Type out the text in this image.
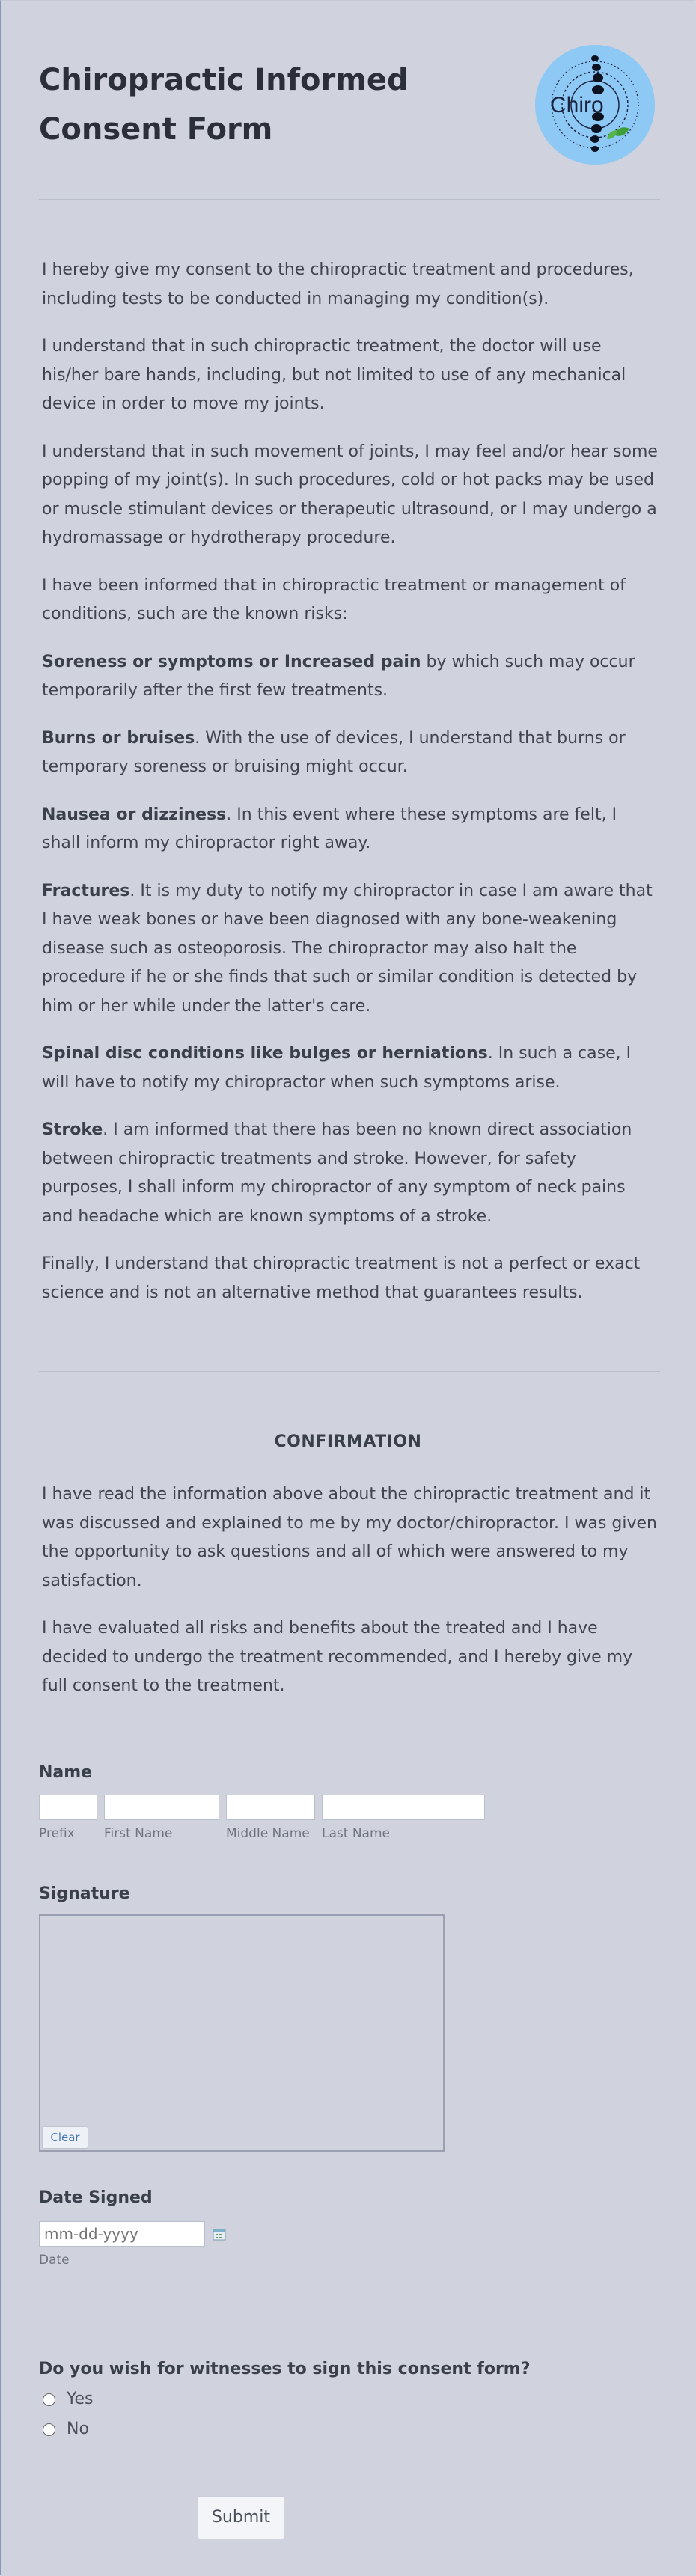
Chiropractic Informed Consent Form
Chiro

I hereby give my consent to the chiropractic treatment and procedures, including tests to be conducted in managing my condition(s).

I understand that in such chiropractic treatment, the doctor will use his/her bare hands, including, but not limited to use of any mechanical device in order to move my joints.

I understand that in such movement of joints, I may feel and/or hear some popping of my joint(s). In such procedures, cold or hot packs may be used or muscle stimulant devices or therapeutic ultrasound, or I may undergo a hydromassage or hydrotherapy procedure.

I have been informed that in chiropractic treatment or management of conditions, such are the known risks:

Soreness or symptoms or Increased pain by which such may occur temporarily after the first few treatments.

Burns or bruises. With the use of devices, I understand that burns or temporary soreness or bruising might occur.

Nausea or dizziness. In this event where these symptoms are felt, I shall inform my chiropractor right away.

Fractures. It is my duty to notify my chiropractor in case I am aware that I have weak bones or have been diagnosed with any bone-weakening disease such as osteoporosis. The chiropractor may also halt the procedure if he or she finds that such or similar condition is detected by him or her while under the latter's care.

Spinal disc conditions like bulges or herniations. In such a case, I will have to notify my chiropractor when such symptoms arise.

Stroke. I am informed that there has been no known direct association between chiropractic treatments and stroke. However, for safety purposes, I shall inform my chiropractor of any symptom of neck pains and headache which are known symptoms of a stroke.

Finally, I understand that chiropractic treatment is not a perfect or exact science and is not an alternative method that guarantees results.

CONFIRMATION

I have read the information above about the chiropractic treatment and it was discussed and explained to me by my doctor/chiropractor. I was given the opportunity to ask questions and all of which were answered to my satisfaction.

I have evaluated all risks and benefits about the treated and I have decided to undergo the treatment recommended, and I hereby give my full consent to the treatment.

Name
Prefix First Name	Middle Name Last Name
Signature
Clear
Date Signed
mm-dd-yyyy
Date
Do you wish for witnesses to sign this consent form?
Yes
No
Submit
